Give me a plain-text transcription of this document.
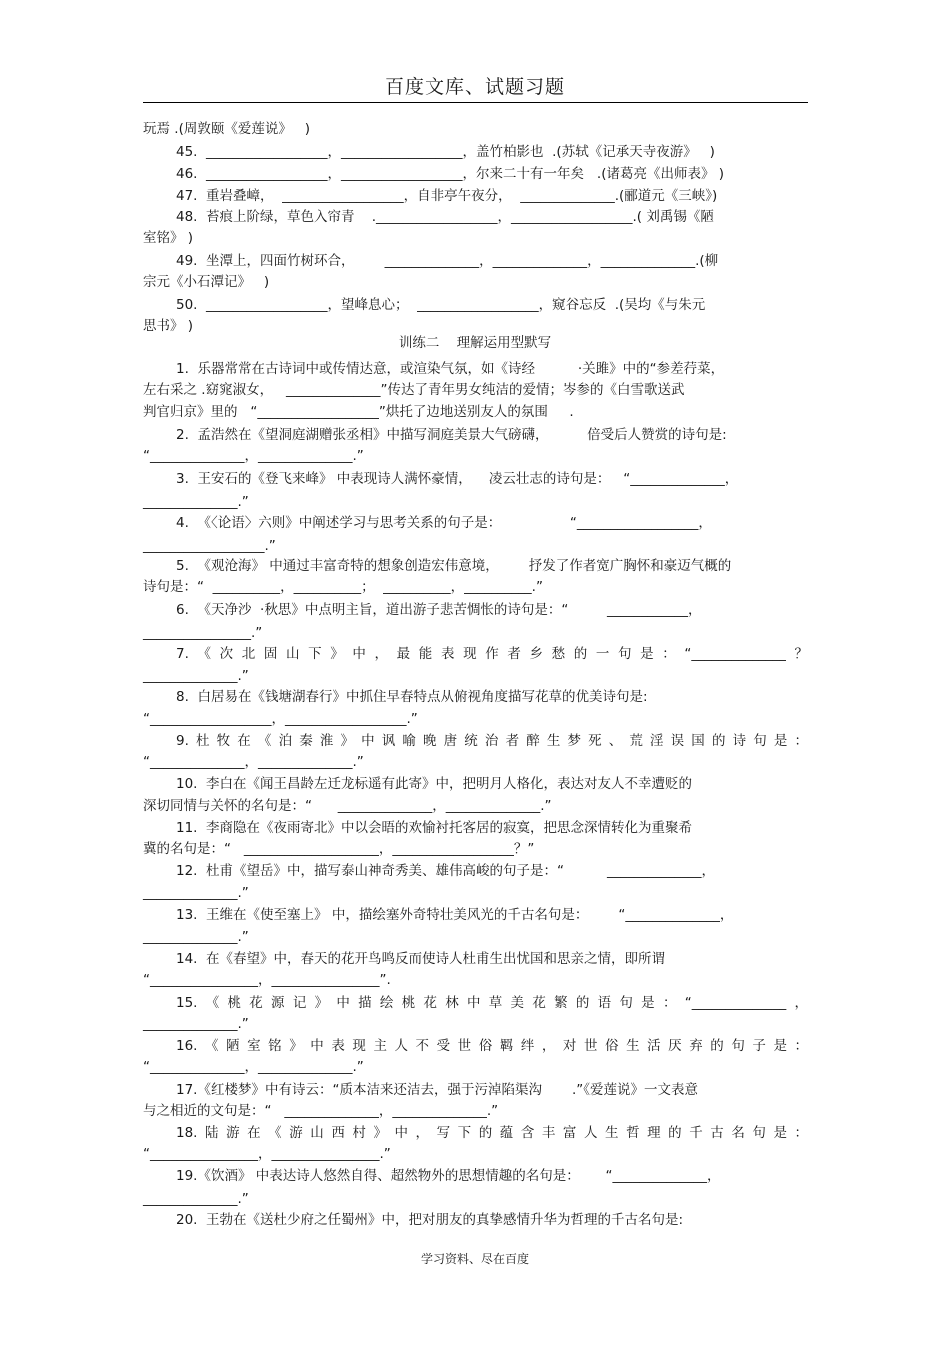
百度文库、试题习题
玩焉 .(周敦颐《爱莲说》   )
45.  __________________，__________________，盖竹柏影也  .(苏轼《记承天寺夜游》   )
46.  __________________，__________________，尔来二十有一年矣   .(诸葛亮《出师表》 )
47.  重岩叠嶂，  __________________，自非亭午夜分，  ______________.(郦道元《三峡》)
48.  苔痕上阶绿，草色入帘青    .__________________，__________________.( 刘禹锡《陋
室铭》 )
49.  坐潭上，四面竹树环合，       ______________，______________，______________.(柳
宗元《小石潭记》   )
50.  __________________，望峰息心；  __________________，窥谷忘反  .(吴均《与朱元
思书》 )
训练二    理解运用型默写
1.  乐器常常在古诗词中或传情达意，或渲染气氛，如《诗经          ·关雎》中的“参差荇菜，
左右采之 .窈窕淑女，   ______________”传达了青年男女纯洁的爱情；岑参的《白雪歌送武
判官归京》里的   “__________________”烘托了边地送别友人的氛围     .
2.  孟浩然在《望洞庭湖赠张丞相》中描写洞庭美景大气磅礴，         倍受后人赞赏的诗句是:
“______________，______________.”
3.  王安石的《登飞来峰》 中表现诗人满怀豪情，    凌云壮志的诗句是：   “______________，
______________.”
4.  《〈论语〉六则》中阐述学习与思考关系的句子是：                “__________________，
__________________.”
5.  《观沧海》 中通过丰富奇特的想象创造宏伟意境，       抒发了作者宽广胸怀和豪迈气概的
诗句是：“  __________，__________；  __________，__________.”
6.  《天净沙  ·秋思》中点明主旨，道出游子悲苦惆怅的诗句是：“         ____________，
________________.”
7.《次北固山下》中，最能表现作者乡愁的一句是：“______________？
______________.”
8.  白居易在《钱塘湖春行》中抓住早春特点从俯视角度描写花草的优美诗句是:
“__________________，__________________.”
9.杜牧在《泊秦淮》中讽喻晚唐统治者醉生梦死、荒淫误国的诗句是：
“______________，______________.”
10.  李白在《闻王昌龄左迁龙标遥有此寄》中，把明月人格化，表达对友人不幸遭贬的
深切同情与关怀的名句是：“      ______________，______________.”
11.  李商隐在《夜雨寄北》中以会晤的欢愉衬托客居的寂寞，把思念深情转化为重聚希
冀的名句是：“   ____________________，__________________？”
12.  杜甫《望岳》中，描写泰山神奇秀美、雄伟高峻的句子是：“          ______________，
______________.”
13.  王维在《使至塞上》 中，描绘塞外奇特壮美风光的千古名句是：       “______________，
______________.”
14.  在《春望》中，春天的花开鸟鸣反而使诗人杜甫生出忧国和思亲之情，即所谓
“________________，________________”.
15.《桃花源记》中描绘桃花林中草美花繁的语句是：“______________，
______________.”
16.《陋室铭》中表现主人不受世俗羁绊，对世俗生活厌弃的句子是：
“______________，______________.”
17.《红楼梦》中有诗云：“质本洁来还洁去，强于污淖陷渠沟       .”《爱莲说》一文表意
与之相近的文句是：“   ______________，______________.”
18.陆游在《游山西村》中，写下的蕴含丰富人生哲理的千古名句是：
“________________，________________.”
19.《饮酒》 中表达诗人悠然自得、超然物外的思想情趣的名句是：      “______________，
______________.”
20.  王勃在《送杜少府之任蜀州》中，把对朋友的真挚感情升华为哲理的千古名句是:
学习资料、尽在百度
